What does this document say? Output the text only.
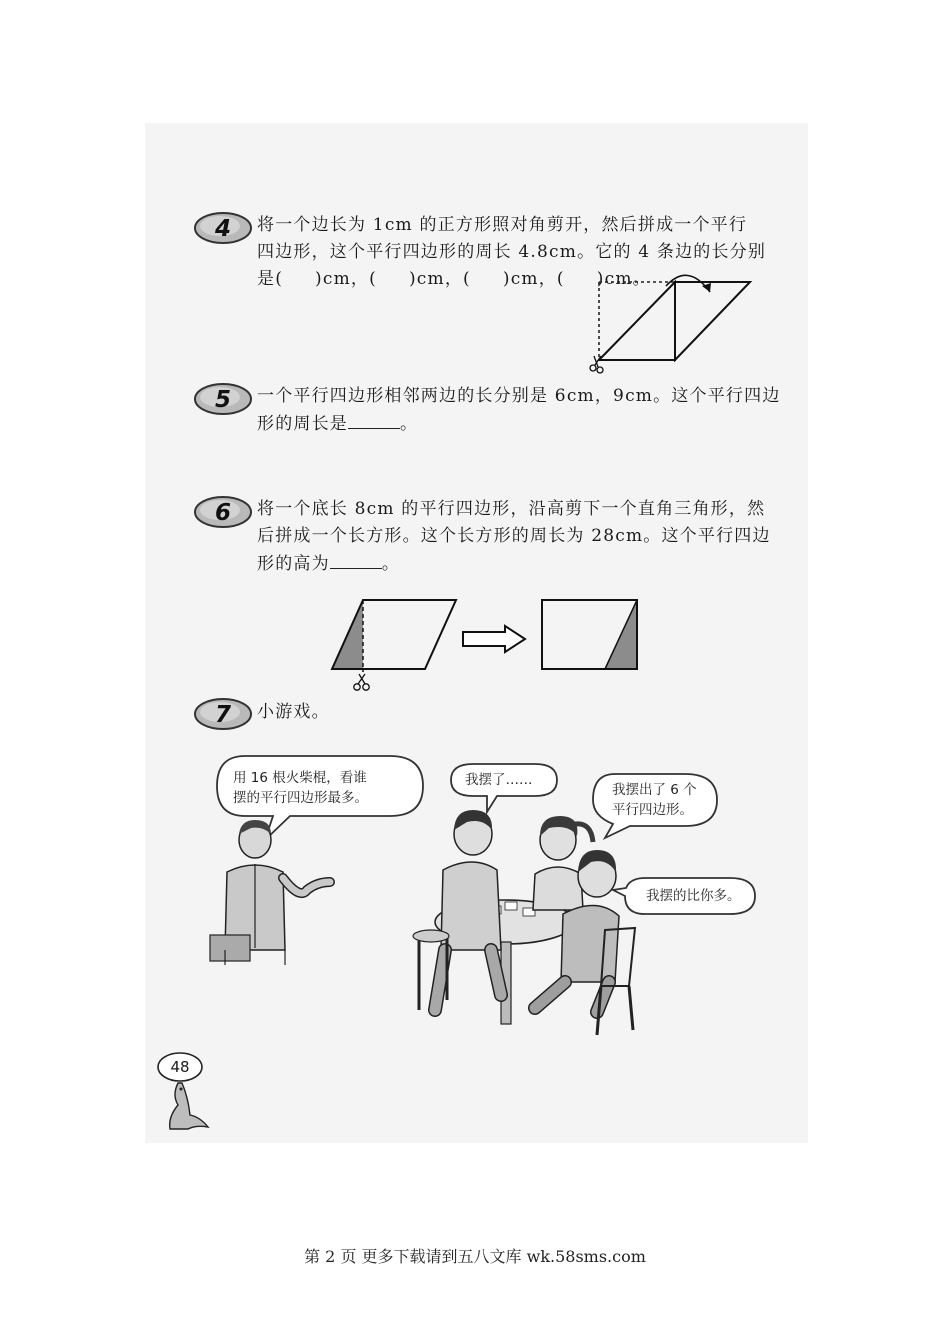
4 将一个边长为 1cm 的正方形照对角剪开，然后拼成一个平行
四边形，这个平行四边形的周长 4.8cm。它的 4 条边的长分别
是( )cm，( )cm，( )cm，( )cm。
5 一个平行四边形相邻两边的长分别是 6cm，9cm。这个平行四边
形的周长是	。
6 将一个底长 8cm 的平行四边形，沿高剪下一个直角三角形，然
后拼成一个长方形。这个长方形的周长为 28cm。这个平行四边
形的高为	。
7 小游戏。
用 16 根火柴棍，看谁
摆的平行四边形最多。
我摆了……
我摆出了 6 个
平行四边形。
我摆的比你多。
48
第 2 页 更多下载请到五八文库 wk.58sms.com
